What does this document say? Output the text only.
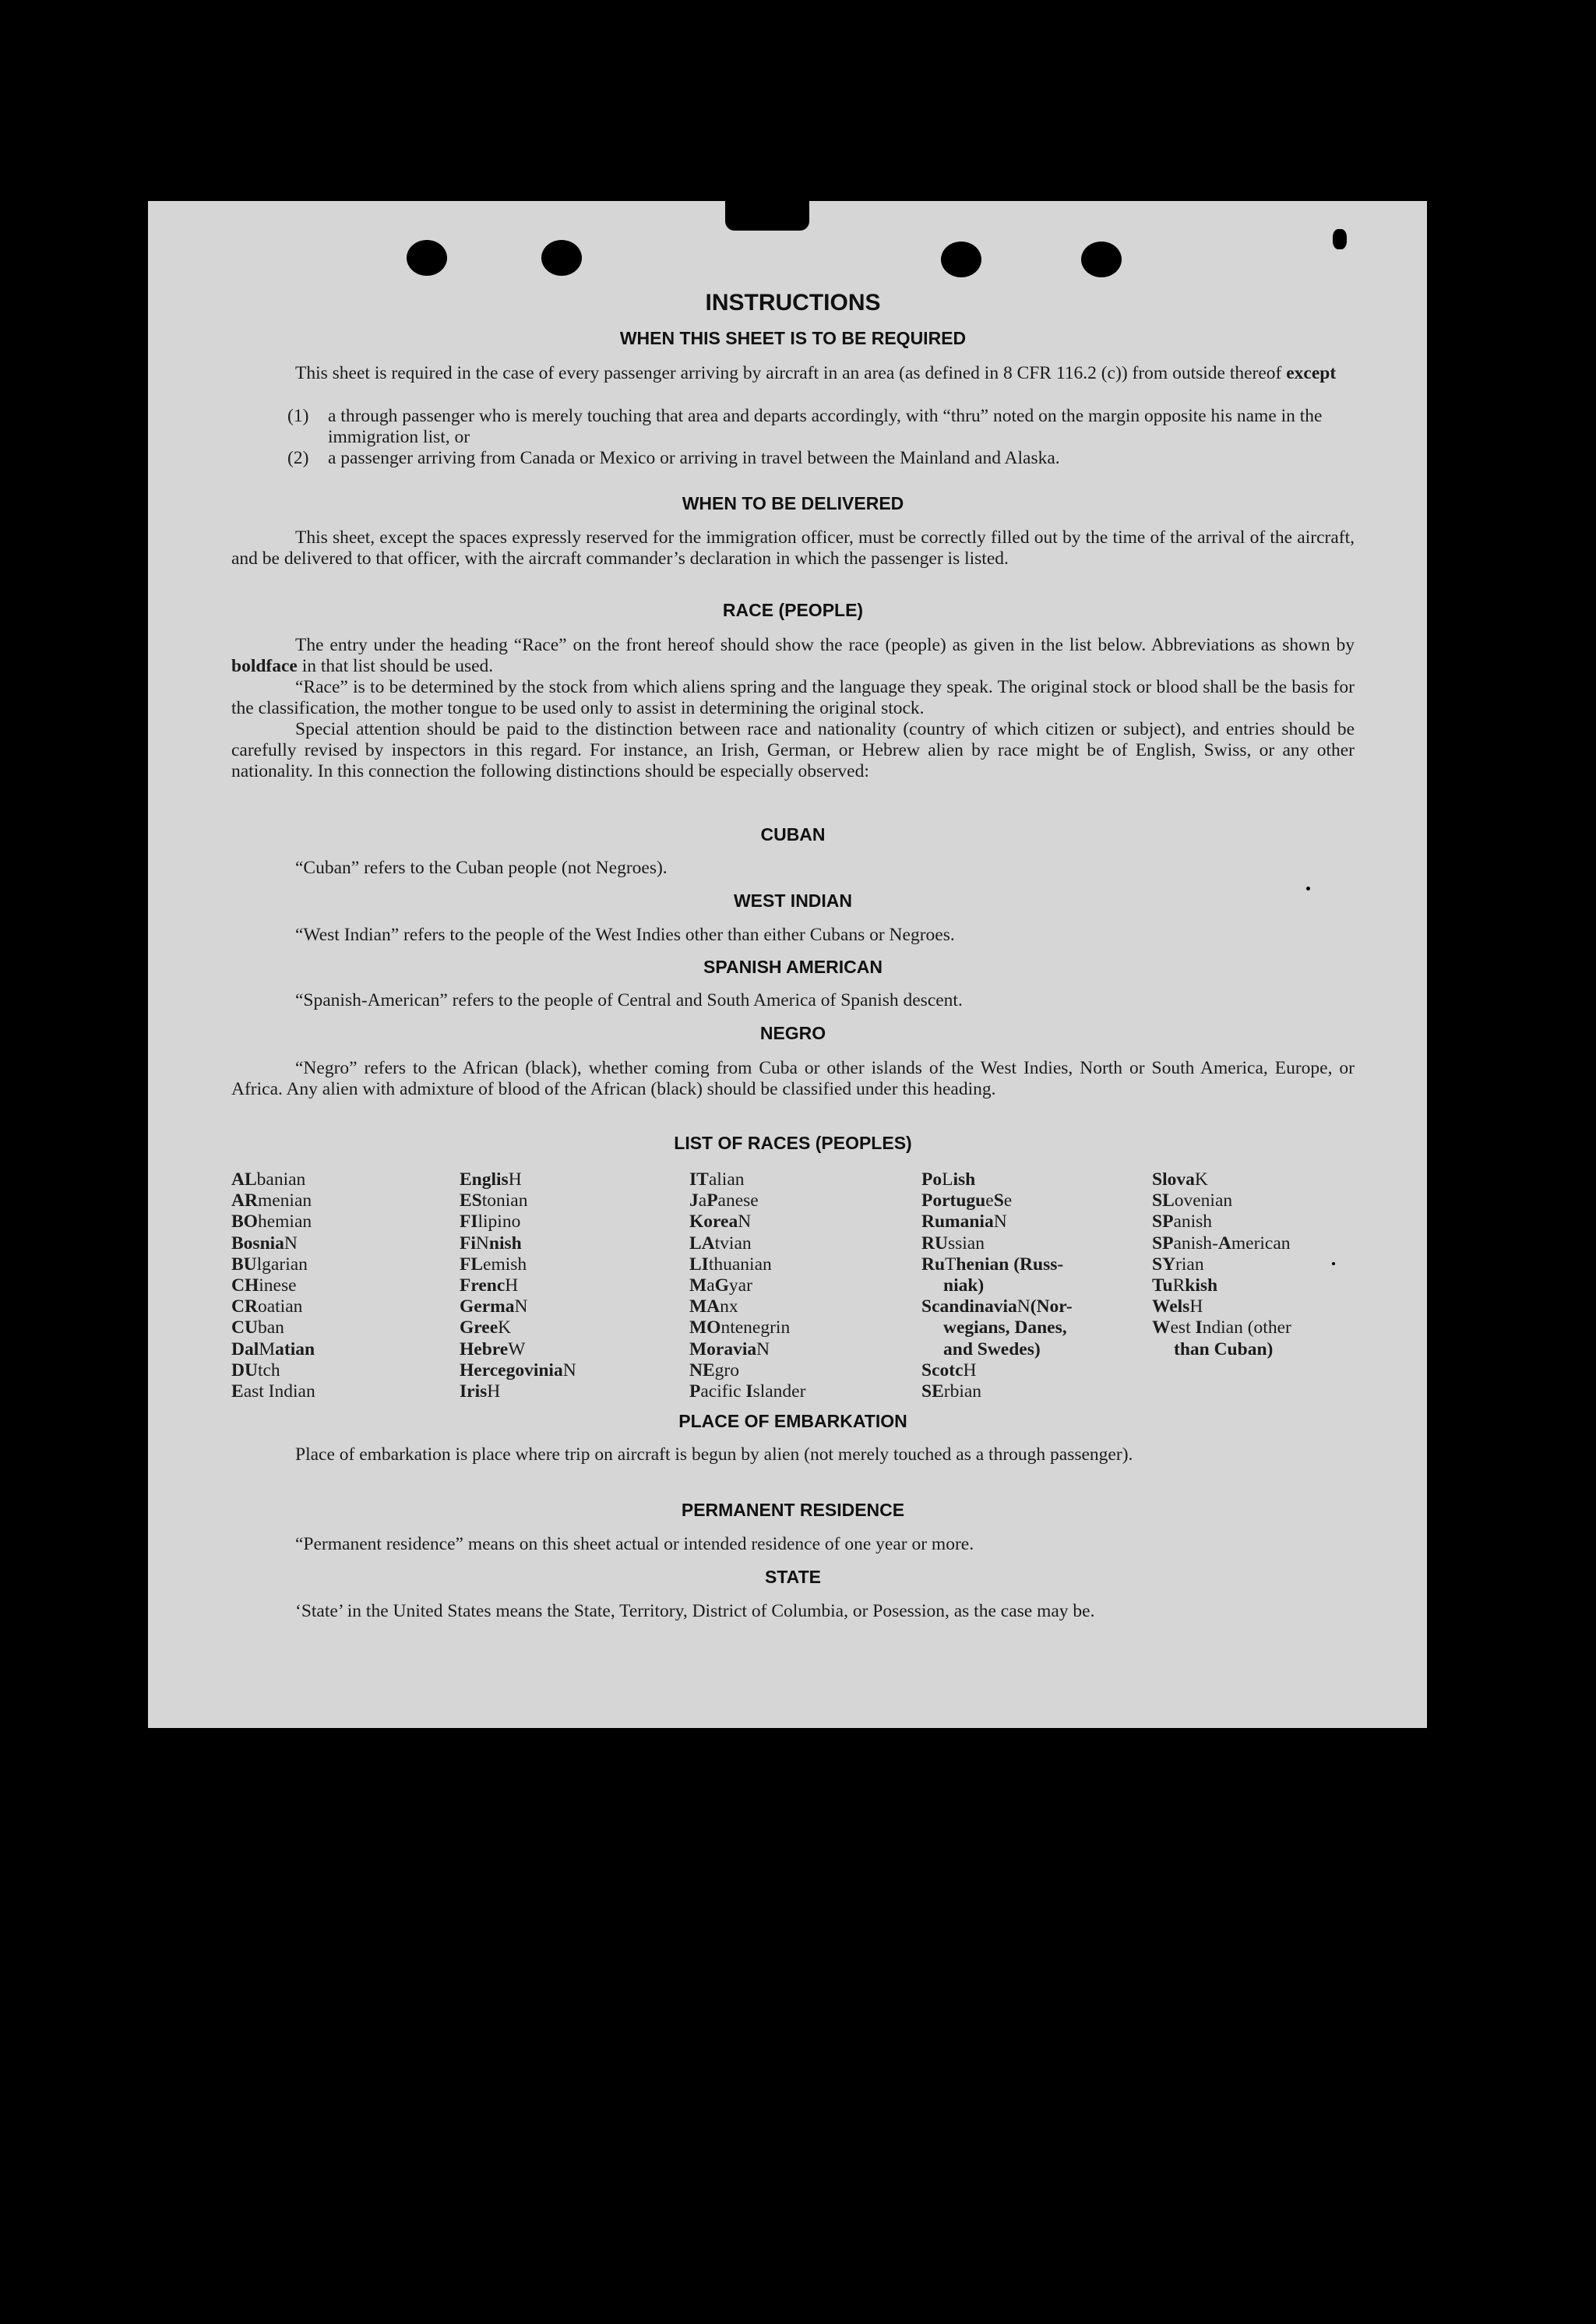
INSTRUCTIONS
WHEN THIS SHEET IS TO BE REQUIRED

This sheet is required in the case of every passenger arriving by aircraft in an area (as defined in 8 CFR 116.2 (c)) from outside thereof except

(1) a through passenger who is merely touching that area and departs accordingly, with “thru” noted on the margin opposite his name in the immigration list, or
(2) a passenger arriving from Canada or Mexico or arriving in travel between the Mainland and Alaska.
WHEN TO BE DELIVERED

This sheet, except the spaces expressly reserved for the immigration officer, must be correctly filled out by the time of the arrival of the aircraft, and be delivered to that officer, with the aircraft commander’s declaration in which the passenger is listed.

RACE (PEOPLE)

The entry under the heading “Race” on the front hereof should show the race (people) as given in the list below. Abbreviations as shown by boldface in that list should be used.

“Race” is to be determined by the stock from which aliens spring and the language they speak. The original stock or blood shall be the basis for the classification, the mother tongue to be used only to assist in determining the original stock.

Special attention should be paid to the distinction between race and nationality (country of which citizen or subject), and entries should be carefully revised by inspectors in this regard. For instance, an Irish, German, or Hebrew alien by race might be of English, Swiss, or any other nationality. In this connection the following distinctions should be especially observed:

CUBAN

“Cuban” refers to the Cuban people (not Negroes).

WEST INDIAN

“West Indian” refers to the people of the West Indies other than either Cubans or Negroes.

SPANISH AMERICAN

“Spanish-American” refers to the people of Central and South America of Spanish descent.

NEGRO

“Negro” refers to the African (black), whether coming from Cuba or other islands of the West Indies, North or South America, Europe, or Africa. Any alien with admixture of blood of the African (black) should be classified under this heading.

LIST OF RACES (PEOPLES)
ALbanian
ARmenian
BOhemian
BosniaN
BUlgarian
CHinese
CRoatian
CUban
DalMatian
DUtch
East Indian
EnglisH
EStonian
FIlipino
FiNnish
FLemish
FrencH
GermaN
GreeK
HebreW
HercegoviniaN
IrisH
ITalian
JaPanese
KoreaN
LAtvian
LIthuanian
MaGyar
MAnx
MOntenegrin
MoraviaN
NEgro
Pacific Islander
PoLish
PortugueSe
RumaniaN
RUssian
RuThenian (Russ-
niak)
ScandinaviaN(Nor-
wegians, Danes,
and Swedes)
ScotcH
SErbian
SlovaK
SLovenian
SPanish
SPanish-American
SYrian
TuRkish
WelsH
West Indian (other
than Cuban)
PLACE OF EMBARKATION

Place of embarkation is place where trip on aircraft is begun by alien (not merely touched as a through passenger).

PERMANENT RESIDENCE

“Permanent residence” means on this sheet actual or intended residence of one year or more.

STATE

‘State’ in the United States means the State, Territory, District of Columbia, or Posession, as the case may be.
